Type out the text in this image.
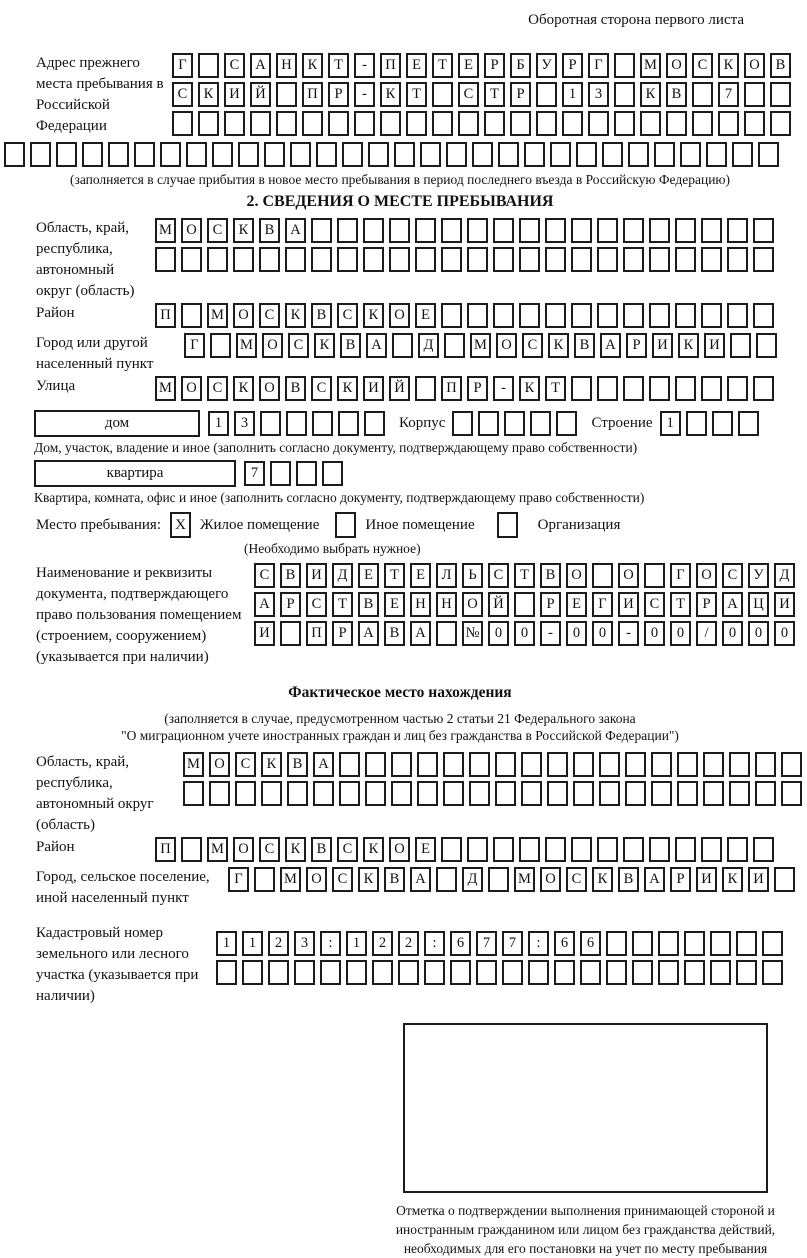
Оборотная сторона первого листа
Адрес прежнего места пребывания в Российской Федерации
Г	С	А	Н	К	Т	-	П	Е	Т	Е	Р	Б	У	Р	Г	М О	С	К	О	В
С	К	И	Й	П	Р	-	К	Т	С	Т	Р	1	3	К	В	7
(заполняется в случае прибытия в новое место пребывания в период последнего въезда в Российскую Федерацию)
2. СВЕДЕНИЯ О МЕСТЕ ПРЕБЫВАНИЯ
Область, край, республика, автономный округ (область)
М О	С	К	В	А
Район	П	М О	С	К	В	С	К	О	Е
Город или другой населенный пункт
Г	М О	С	К	В	А	Д	М О	С	К	В	А	Р	И	К	И
Улица	М О	С	К	О	В	С	К	И	Й	П	Р	-	К	Т
дом	1	3	Корпус	Строение 1
Дом, участок, владение и иное (заполнить согласно документу, подтверждающему право собственности)
квартира	7
Квартира, комната, офис и иное (заполнить согласно документу, подтверждающему право собственности)
Место пребывания: X Жилое помещение	Иное помещение	Организация
(Необходимо выбрать нужное)
Наименование и реквизиты документа, подтверждающего право пользования помещением (строением, сооружением) (указывается при наличии)
С	В	И	Д	Е	Т	Е	Л	Ь	С	Т	В	О	О	Г	О	С	У	Д
А	Р	С	Т	В	Е	Н	Н	О	Й	Р	Е	Г	И	С	Т	Р	А	Ц	И
И	П	Р	А	В	А	№	0	0	-	0	0	-	0	0	/	0	0	0
Фактическое место нахождения
(заполняется в случае, предусмотренном частью 2 статьи 21 Федерального закона
"О миграционном учете иностранных граждан и лиц без гражданства в Российской Федерации")
Область, край, республика, автономный округ (область)
М О	С	К	В	А
Район	П	М О	С	К	В	С	К	О	Е
Город, сельское поселение, иной населенный пункт
Г	М О	С	К	В	А	Д	М О	С	К	В	А	Р	И	К	И
Кадастровый номер земельного или лесного участка (указывается при наличии)
1	1	2	3	:	1	2	2	:	6	7	7	:	6	6
Отметка о подтверждении выполнения принимающей стороной и иностранным гражданином или лицом без гражданства действий, необходимых для его постановки на учет по месту пребывания
